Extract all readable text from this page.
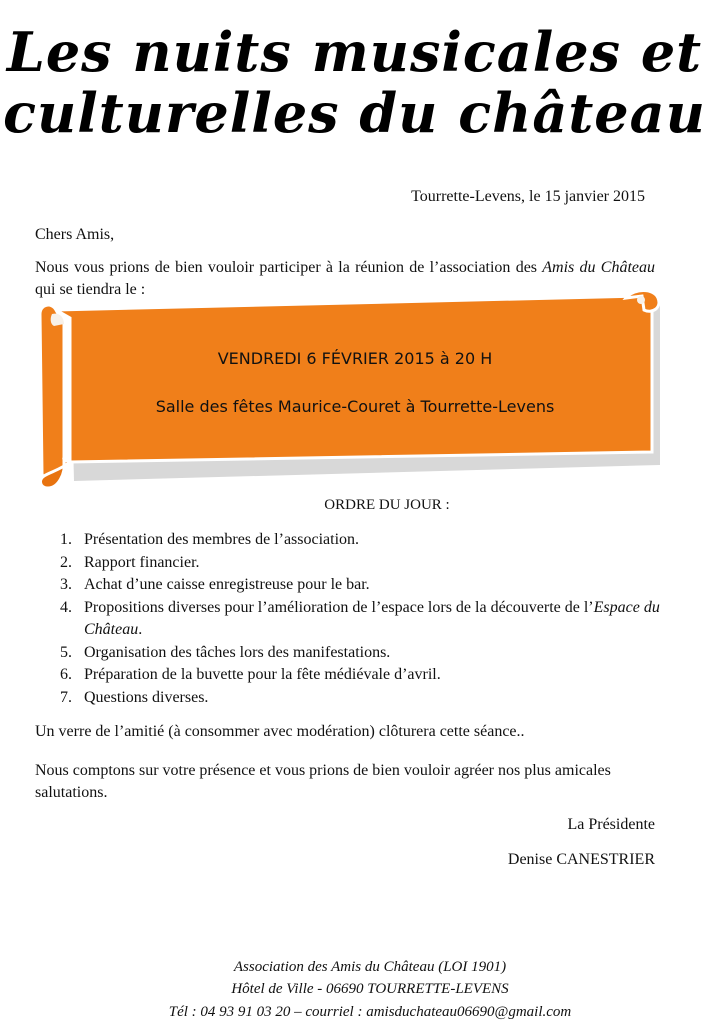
Les nuits musicales et
culturelles du château
Tourrette-Levens, le 15 janvier 2015
Chers Amis,
Nous vous prions de bien vouloir participer à la réunion de l’association des Amis du Château qui se tiendra le :
VENDREDI 6 FÉVRIER 2015 à 20 H
Salle des fêtes Maurice-Couret à Tourrette-Levens
ORDRE DU JOUR :
1. Présentation des membres de l’association.
2. Rapport financier.
3. Achat d’une caisse enregistreuse pour le bar.
4. Propositions diverses pour l’amélioration de l’espace lors de la découverte de l’Espace du Château.
5. Organisation des tâches lors des manifestations.
6. Préparation de la buvette pour la fête médiévale d’avril.
7. Questions diverses.
Un verre de l’amitié (à consommer avec modération) clôturera cette séance..
Nous comptons sur votre présence et vous prions de bien vouloir agréer nos plus amicales salutations.
La Présidente
Denise CANESTRIER
Association des Amis du Château (LOI 1901)
Hôtel de Ville - 06690 TOURRETTE-LEVENS
Tél : 04 93 91 03 20 – courriel : amisduchateau06690@gmail.com
